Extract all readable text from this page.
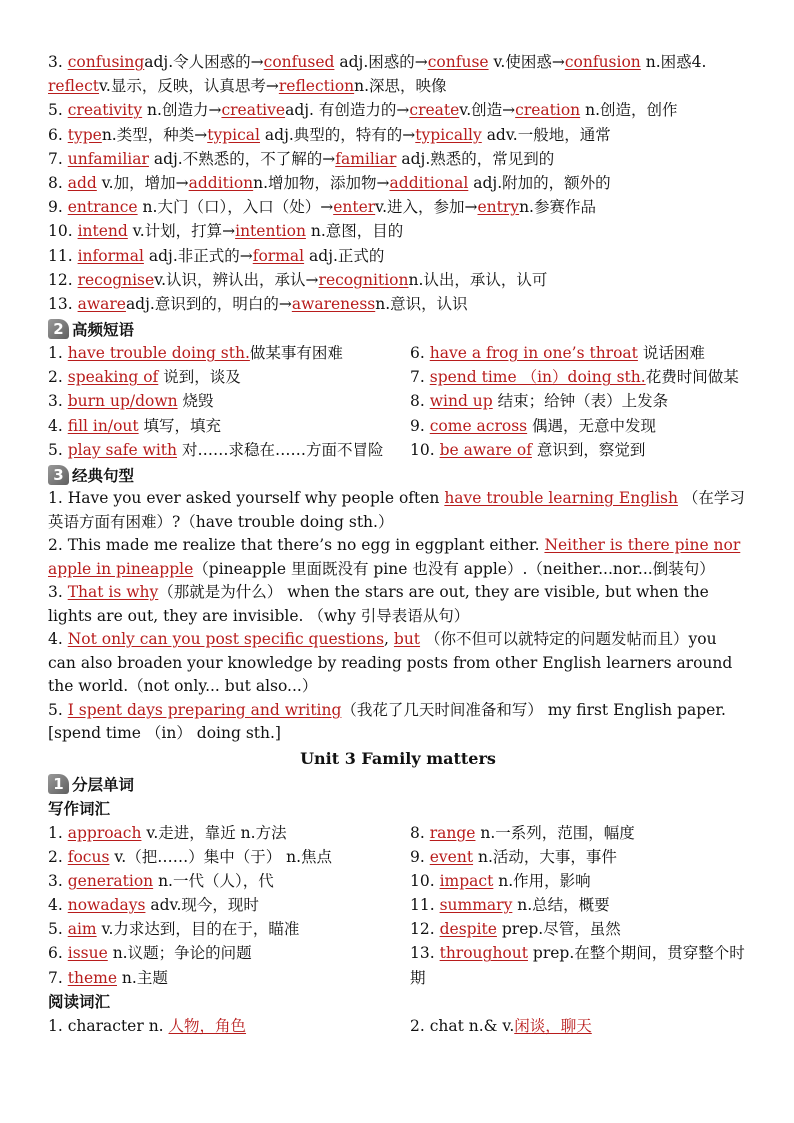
3. confusingadj.令人困惑的→confused adj.困惑的→confuse v.使困惑→confusion n.困惑4.
reflectv.显示，反映，认真思考→reflectionn.深思，映像
5. creativity n.创造力→creativeadj. 有创造力的→createv.创造→creation n.创造，创作
6. typen.类型，种类→typical adj.典型的，特有的→typically adv.一般地，通常
7. unfamiliar adj.不熟悉的，不了解的→familiar adj.熟悉的，常见到的
8. add v.加，增加→additionn.增加物，添加物→additional adj.附加的，额外的
9. entrance n.大门（口），入口（处）→enterv.进入，参加→entryn.参赛作品
10. intend v.计划，打算→intention n.意图，目的
11. informal adj.非正式的→formal adj.正式的
12. recognisev.认识，辨认出，承认→recognitionn.认出，承认，认可
13. awareadj.意识到的，明白的→awarenessn.意识，认识
2 高频短语
1. have trouble doing sth.做某事有困难
2. speaking of 说到，谈及
3. burn up/down 烧毁
4. fill in/out 填写，填充
5. play safe with 对……求稳在……方面不冒险
6. have a frog in one’s throat 说话困难
7. spend time （in）doing sth.花费时间做某
8. wind up 结束；给钟（表）上发条
9. come across 偶遇，无意中发现
10. be aware of 意识到，察觉到
3 经典句型
1. Have you ever asked yourself why people often have trouble learning English （在学习英语方面有困难）?（have trouble doing sth.）
2. This made me realize that there’s no egg in eggplant either. Neither is there pine nor apple in pineapple（pineapple 里面既没有 pine 也没有 apple）.（neither...nor...倒装句）
3. That is why（那就是为什么） when the stars are out, they are visible, but when the lights are out, they are invisible. （why 引导表语从句）
4. Not only can you post specific questions, but （你不但可以就特定的问题发帖而且）you can also broaden your knowledge by reading posts from other English learners around the world.（not only... but also...）
5. I spent days preparing and writing（我花了几天时间准备和写） my first English paper. [spend time （in） doing sth.]
Unit 3 Family matters
1 分层单词
写作词汇
1. approach v.走进，靠近 n.方法
2. focus v.（把……）集中（于） n.焦点
3. generation n.一代（人），代
4. nowadays adv.现今，现时
5. aim v.力求达到，目的在于，瞄准
6. issue n.议题；争论的问题
7. theme n.主题
8. range n.一系列，范围，幅度
9. event n.活动，大事，事件
10. impact n.作用，影响
11. summary n.总结，概要
12. despite prep.尽管，虽然
13. throughout prep.在整个期间，贯穿整个时期
阅读词汇
1. character n. 人物，角色	2. chat n.& v.闲谈，聊天
